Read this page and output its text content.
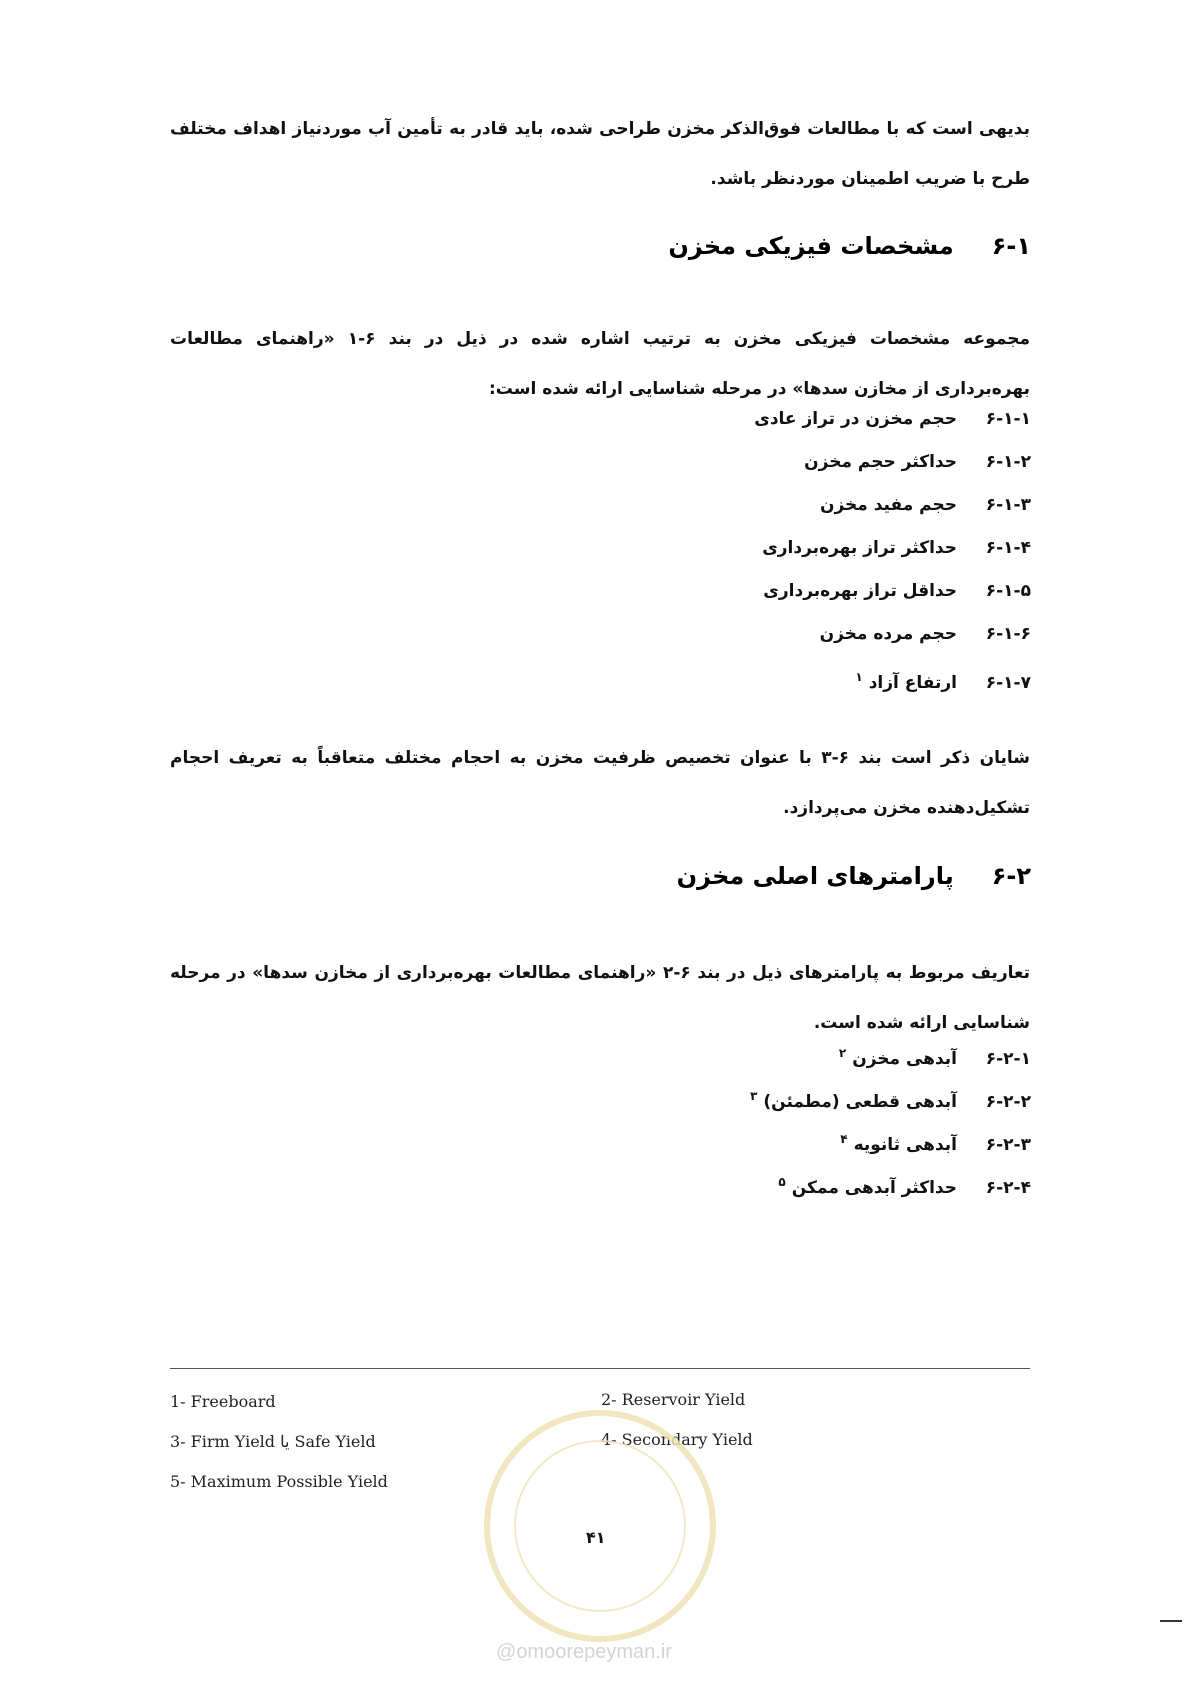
بدیهی است که با مطالعات فوق‌الذکر مخزن طراحی شده، باید قادر به تأمین آب موردنیاز اهداف مختلف طرح با ضریب اطمینان موردنظر باشد.

۶-۱مشخصات فیزیکی مخزن

مجموعه مشخصات فیزیکی مخزن به ترتیب اشاره شده در ذیل در بند ۶-۱ «راهنمای مطالعات بهره‌برداری از مخازن سدها» در مرحله شناسایی ارائه شده است:

۶-۱-۱حجم مخزن در تراز عادی
۶-۱-۲حداکثر حجم مخزن
۶-۱-۳حجم مفید مخزن
۶-۱-۴حداکثر تراز بهره‌برداری
۶-۱-۵حداقل تراز بهره‌برداری
۶-۱-۶حجم مرده مخزن
۶-۱-۷ارتفاع آزاد$^۱$

شایان ذکر است بند ۶-۳ با عنوان تخصیص ظرفیت مخزن به احجام مختلف متعاقباً به تعریف احجام تشکیل‌دهنده مخزن می‌پردازد.

۶-۲پارامترهای اصلی مخزن

تعاریف مربوط به پارامترهای ذیل در بند ۶-۲ «راهنمای مطالعات بهره‌برداری از مخازن سدها» در مرحله شناسایی ارائه شده است.

۶-۲-۱آبدهی مخزن$^۲$
۶-۲-۲آبدهی قطعی (مطمئن)$^۳$
۶-۲-۳آبدهی ثانویه$^۴$
۶-۲-۴حداکثر آبدهی ممکن$^۵$
1- Freeboard	2- Reservoir Yield
3- Firm Yield یا Safe Yield	4- Secondary Yield
5- Maximum Possible Yield
۴۱
@omoorepeyman.ir
